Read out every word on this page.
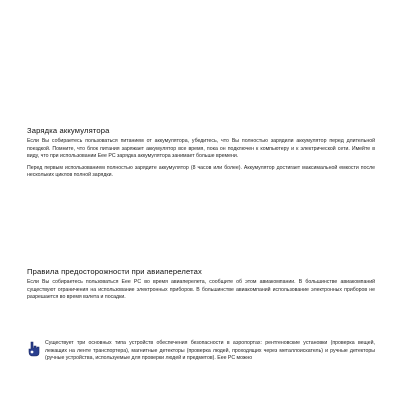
Зарядка аккумулятора

Если Вы собираетесь пользоваться питанием от аккумулятора, убедитесь, что Вы полностью зарядили аккумулятор перед длительной поездкой. Помните, что блок питания заряжает аккумулятор все время, пока он подключен к компьютеру и к электрической сети. Имейте в виду, что при использовании Eee PC зарядка аккумулятора занимает больше времени.

Перед первым использованием полностью зарядите аккумулятор (8 часов или более). Аккумулятор достигает максимальной емкости после нескольких циклов полной зарядки.

Правила предосторожности при авиаперелетах

Если Вы собираетесь пользоваться Eee PC во время авиаперелета, сообщите об этом авиакомпании. В большинстве авиакомпаний существуют ограничения на использование электронных приборов. В большинстве авиакомпаний использование электронных приборов не разрешается во время взлета и посадки.

Существует три основных типа устройств обеспечения безопасности в аэропортах: рентгеновские установки (проверка вещей, лежащих на ленте транспортера), магнитные детекторы (проверка людей, проходящих через металлоискатель) и ручные детекторы (ручные устройства, используемые для проверки людей и предметов). Eee PC можно
